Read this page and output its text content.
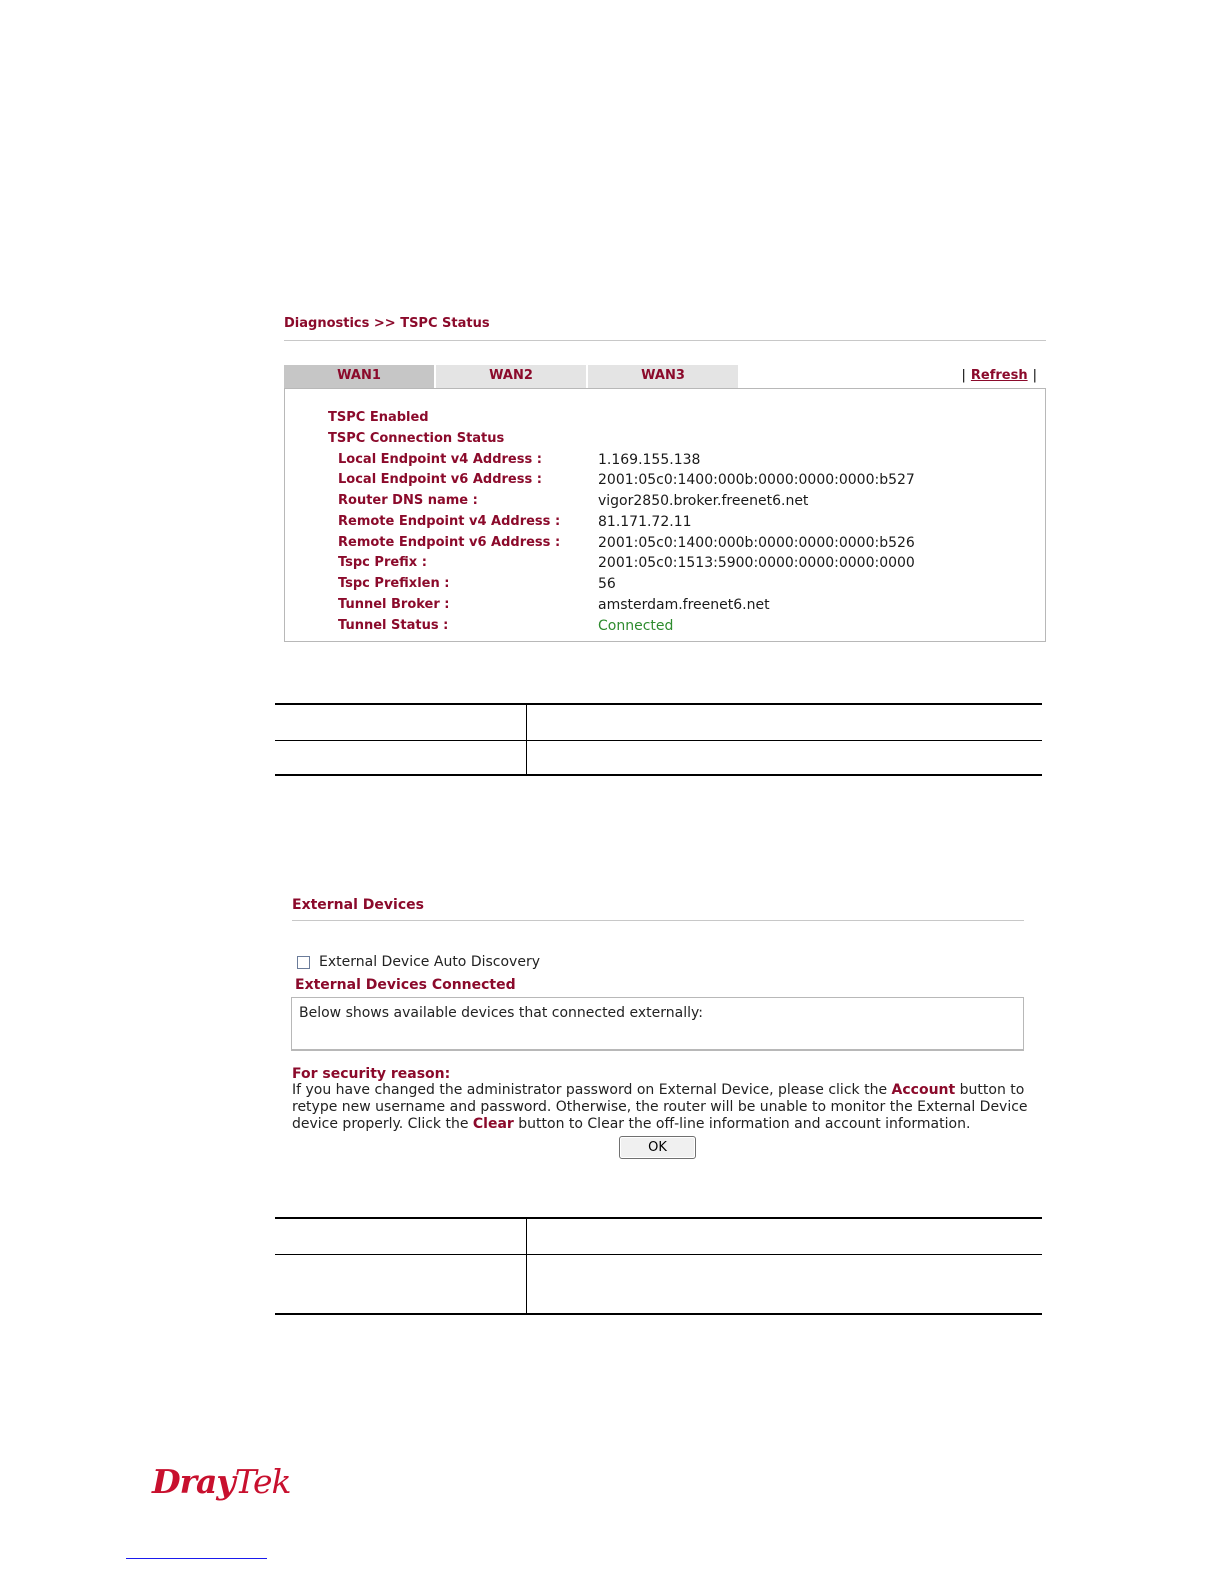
Diagnostics >> TSPC Status
WAN1	WAN2	WAN3	| Refresh |
TSPC Enabled
TSPC Connection Status
Local Endpoint v4 Address :	1.169.155.138
Local Endpoint v6 Address :	2001:05c0:1400:000b:0000:0000:0000:b527
Router DNS name :	vigor2850.broker.freenet6.net
Remote Endpoint v4 Address :	81.171.72.11
Remote Endpoint v6 Address :	2001:05c0:1400:000b:0000:0000:0000:b526
Tspc Prefix :	2001:05c0:1513:5900:0000:0000:0000:0000
Tspc Prefixlen :	56
Tunnel Broker :	amsterdam.freenet6.net
Tunnel Status :	Connected

External Devices
External Device Auto Discovery
External Devices Connected
Below shows available devices that connected externally:
For security reason:
If you have changed the administrator password on External Device, please click the Account button to retype new username and password. Otherwise, the router will be unable to monitor the External Device device properly. Click the Clear button to Clear the off-line information and account information.
OK

DrayTek
